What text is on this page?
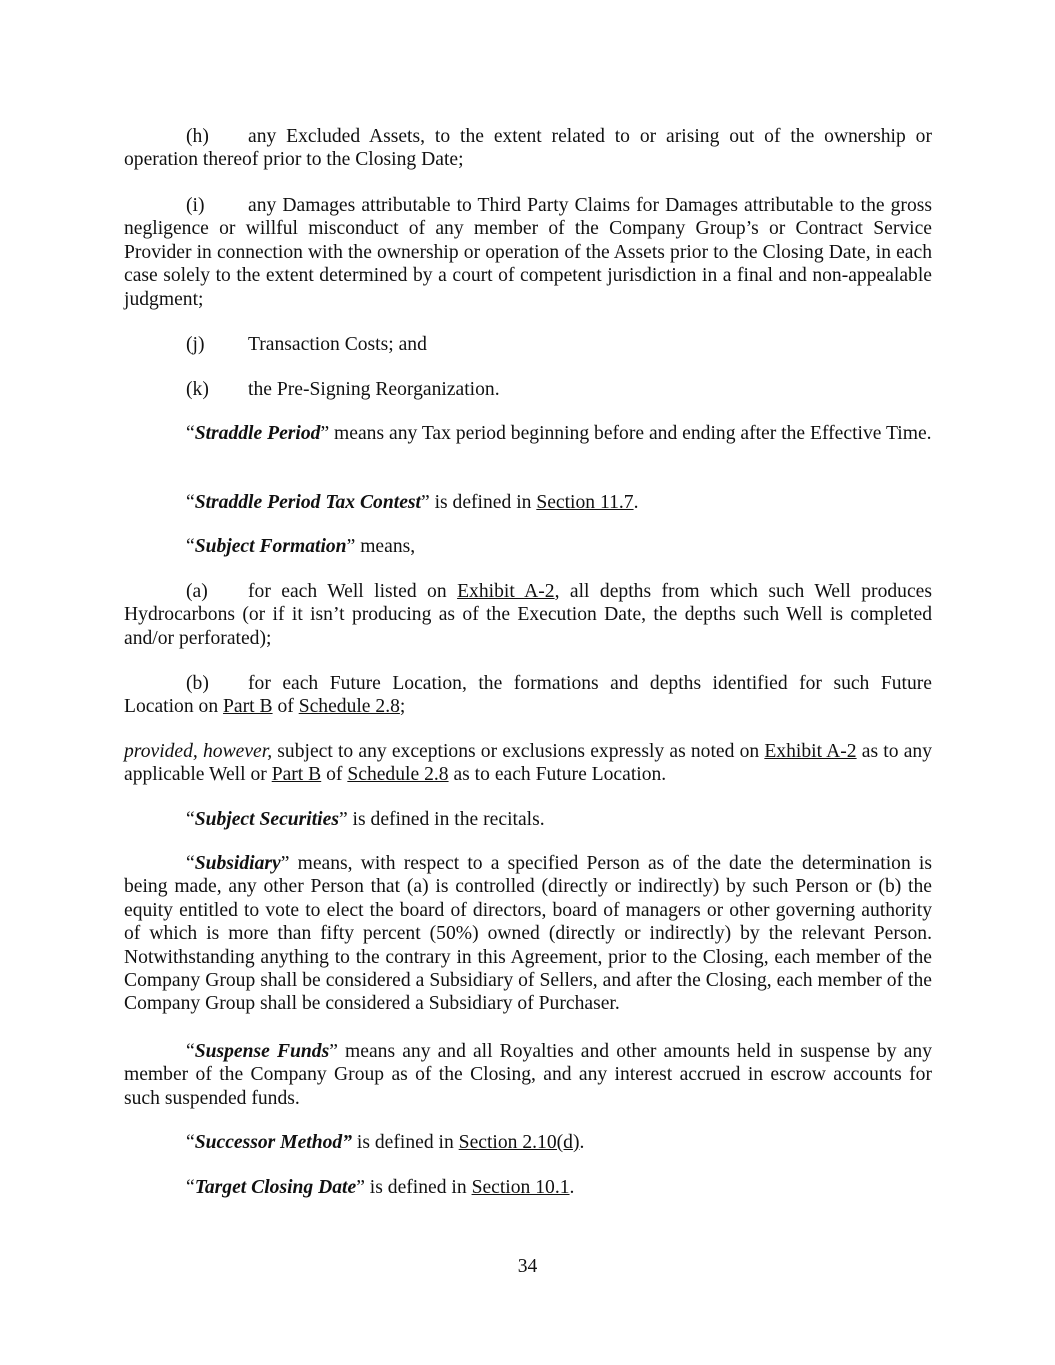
(h) any Excluded Assets, to the extent related to or arising out of the ownership or operation thereof prior to the Closing Date;

(i) any Damages attributable to Third Party Claims for Damages attributable to the gross negligence or willful misconduct of any member of the Company Group’s or Contract Service Provider in connection with the ownership or operation of the Assets prior to the Closing Date, in each case solely to the extent determined by a court of competent jurisdiction in a final and non-appealable judgment;

(j) Transaction Costs; and

(k) the Pre-Signing Reorganization.

“Straddle Period” means any Tax period beginning before and ending after the Effective Time.

“Straddle Period Tax Contest” is defined in Section 11.7.

“Subject Formation” means,

(a) for each Well listed on Exhibit A-2, all depths from which such Well produces Hydrocarbons (or if it isn’t producing as of the Execution Date, the depths such Well is completed and/or perforated);

(b) for each Future Location, the formations and depths identified for such Future Location on Part B of Schedule 2.8;

provided, however, subject to any exceptions or exclusions expressly as noted on Exhibit A-2 as to any applicable Well or Part B of Schedule 2.8 as to each Future Location.

“Subject Securities” is defined in the recitals.

“Subsidiary” means, with respect to a specified Person as of the date the determination is being made, any other Person that (a) is controlled (directly or indirectly) by such Person or (b) the equity entitled to vote to elect the board of directors, board of managers or other governing authority of which is more than fifty percent (50%) owned (directly or indirectly) by the relevant Person. Notwithstanding anything to the contrary in this Agreement, prior to the Closing, each member of the Company Group shall be considered a Subsidiary of Sellers, and after the Closing, each member of the Company Group shall be considered a Subsidiary of Purchaser.

“Suspense Funds” means any and all Royalties and other amounts held in suspense by any member of the Company Group as of the Closing, and any interest accrued in escrow accounts for such suspended funds.

“Successor Method” is defined in Section 2.10(d).

“Target Closing Date” is defined in Section 10.1.

34
